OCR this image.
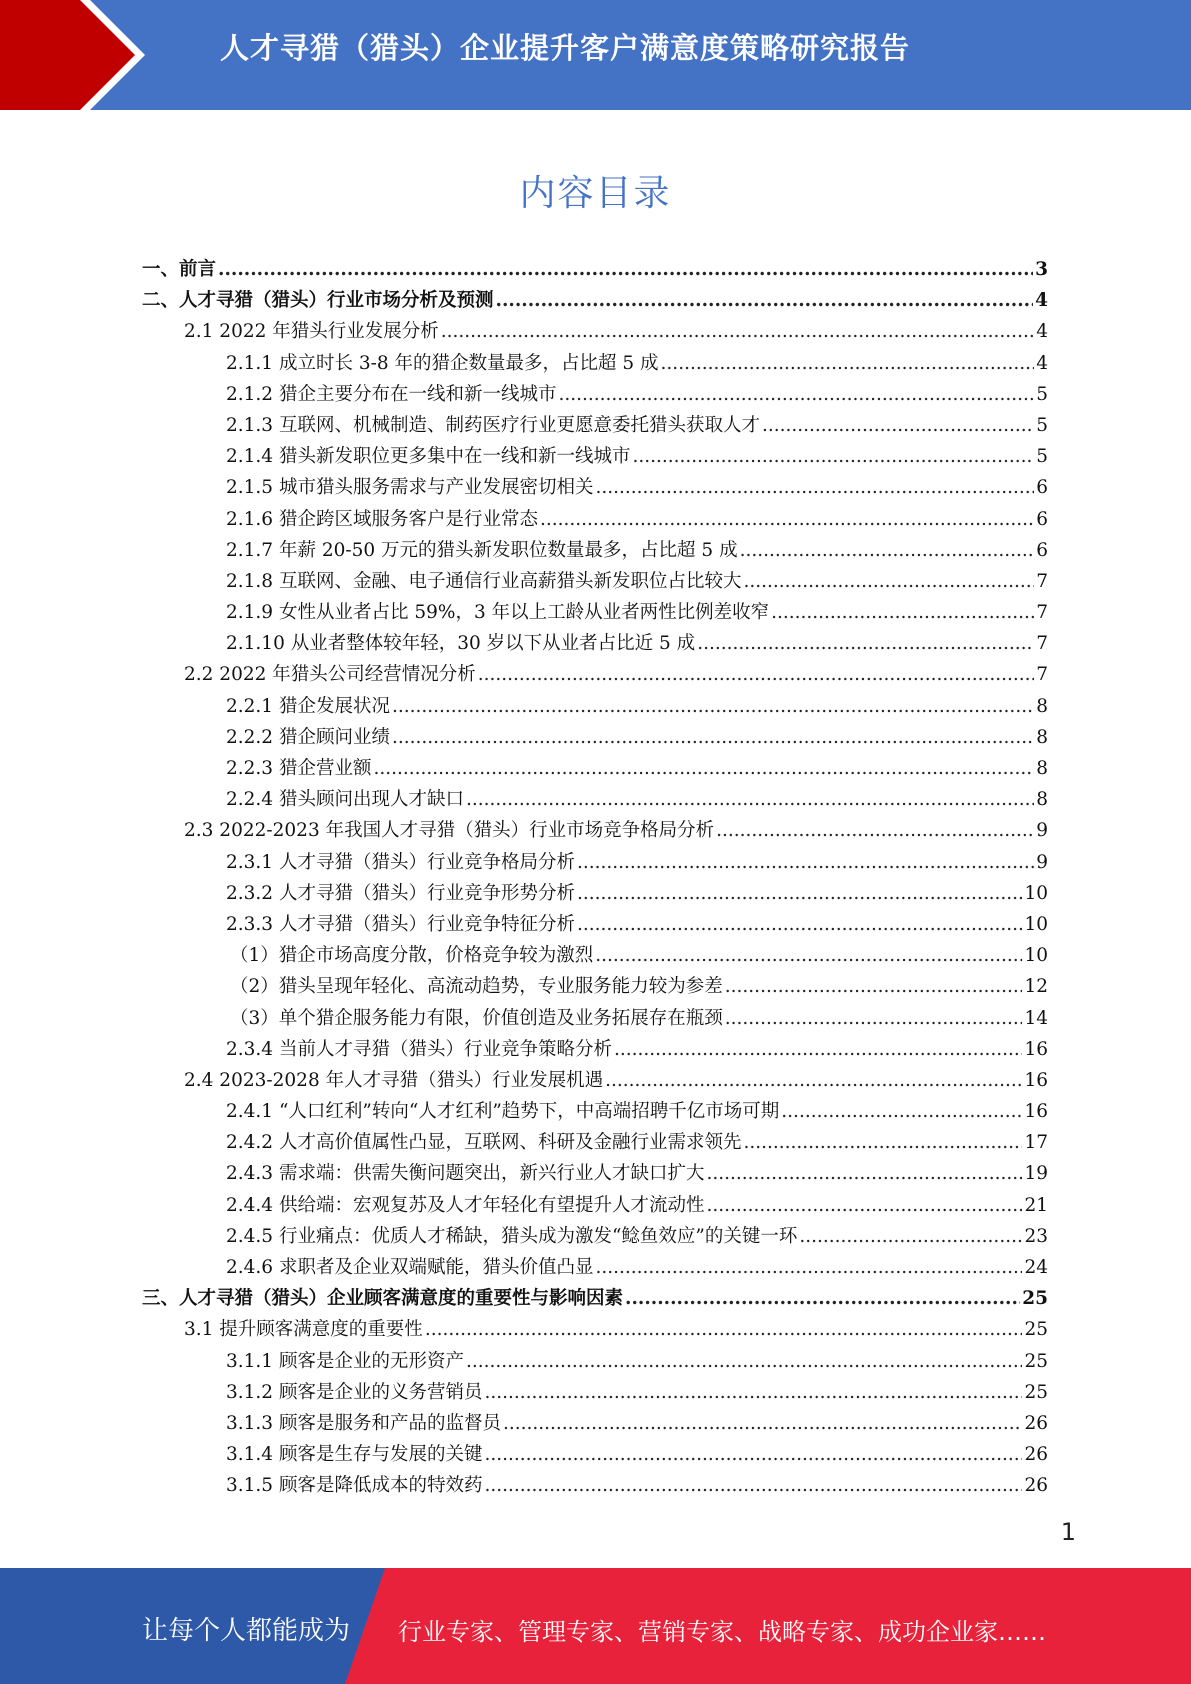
人才寻猎（猎头）企业提升客户满意度策略研究报告
内容目录
一、前言 .....	3
二、人才寻猎（猎头）行业市场分析及预测 .....	4
2.1 2022 年猎头行业发展分析 .....	4
2.1.1 成立时长 3-8 年的猎企数量最多，占比超 5 成 .....	4
2.1.2 猎企主要分布在一线和新一线城市 .....	5
2.1.3 互联网、机械制造、制药医疗行业更愿意委托猎头获取人才 .....	5
2.1.4 猎头新发职位更多集中在一线和新一线城市 .....	5
2.1.5 城市猎头服务需求与产业发展密切相关 .....	6
2.1.6 猎企跨区域服务客户是行业常态 .....	6
2.1.7 年薪 20-50 万元的猎头新发职位数量最多，占比超 5 成 .....	6
2.1.8 互联网、金融、电子通信行业高薪猎头新发职位占比较大 .....	7
2.1.9 女性从业者占比 59%，3 年以上工龄从业者两性比例差收窄 .....	7
2.1.10 从业者整体较年轻，30 岁以下从业者占比近 5 成 .....	7
2.2 2022 年猎头公司经营情况分析 .....	7
2.2.1 猎企发展状况 .....	8
2.2.2 猎企顾问业绩 .....	8
2.2.3 猎企营业额 .....	8
2.2.4 猎头顾问出现人才缺口 .....	8
2.3 2022-2023 年我国人才寻猎（猎头）行业市场竞争格局分析 .....	9
2.3.1 人才寻猎（猎头）行业竞争格局分析 .....	9
2.3.2 人才寻猎（猎头）行业竞争形势分析 .....	10
2.3.3 人才寻猎（猎头）行业竞争特征分析 .....	10
（1）猎企市场高度分散，价格竞争较为激烈 .....	10
（2）猎头呈现年轻化、高流动趋势，专业服务能力较为参差 .....	12
（3）单个猎企服务能力有限，价值创造及业务拓展存在瓶颈 .....	14
2.3.4 当前人才寻猎（猎头）行业竞争策略分析 .....	16
2.4 2023-2028 年人才寻猎（猎头）行业发展机遇 .....	16
2.4.1 “人口红利”转向“人才红利”趋势下，中高端招聘千亿市场可期 .....	16
2.4.2 人才高价值属性凸显，互联网、科研及金融行业需求领先 .....	17
2.4.3 需求端：供需失衡问题突出，新兴行业人才缺口扩大 .....	19
2.4.4 供给端：宏观复苏及人才年轻化有望提升人才流动性 .....	21
2.4.5 行业痛点：优质人才稀缺，猎头成为激发“鲶鱼效应”的关键一环 .....	23
2.4.6 求职者及企业双端赋能，猎头价值凸显 .....	24
三、人才寻猎（猎头）企业顾客满意度的重要性与影响因素 .....	25
3.1 提升顾客满意度的重要性 .....	25
3.1.1 顾客是企业的无形资产 .....	25
3.1.2 顾客是企业的义务营销员 .....	25
3.1.3 顾客是服务和产品的监督员 .....	26
3.1.4 顾客是生存与发展的关键 .....	26
3.1.5 顾客是降低成本的特效药 .....	26
1
让每个人都能成为 行业专家、管理专家、营销专家、战略专家、成功企业家……
